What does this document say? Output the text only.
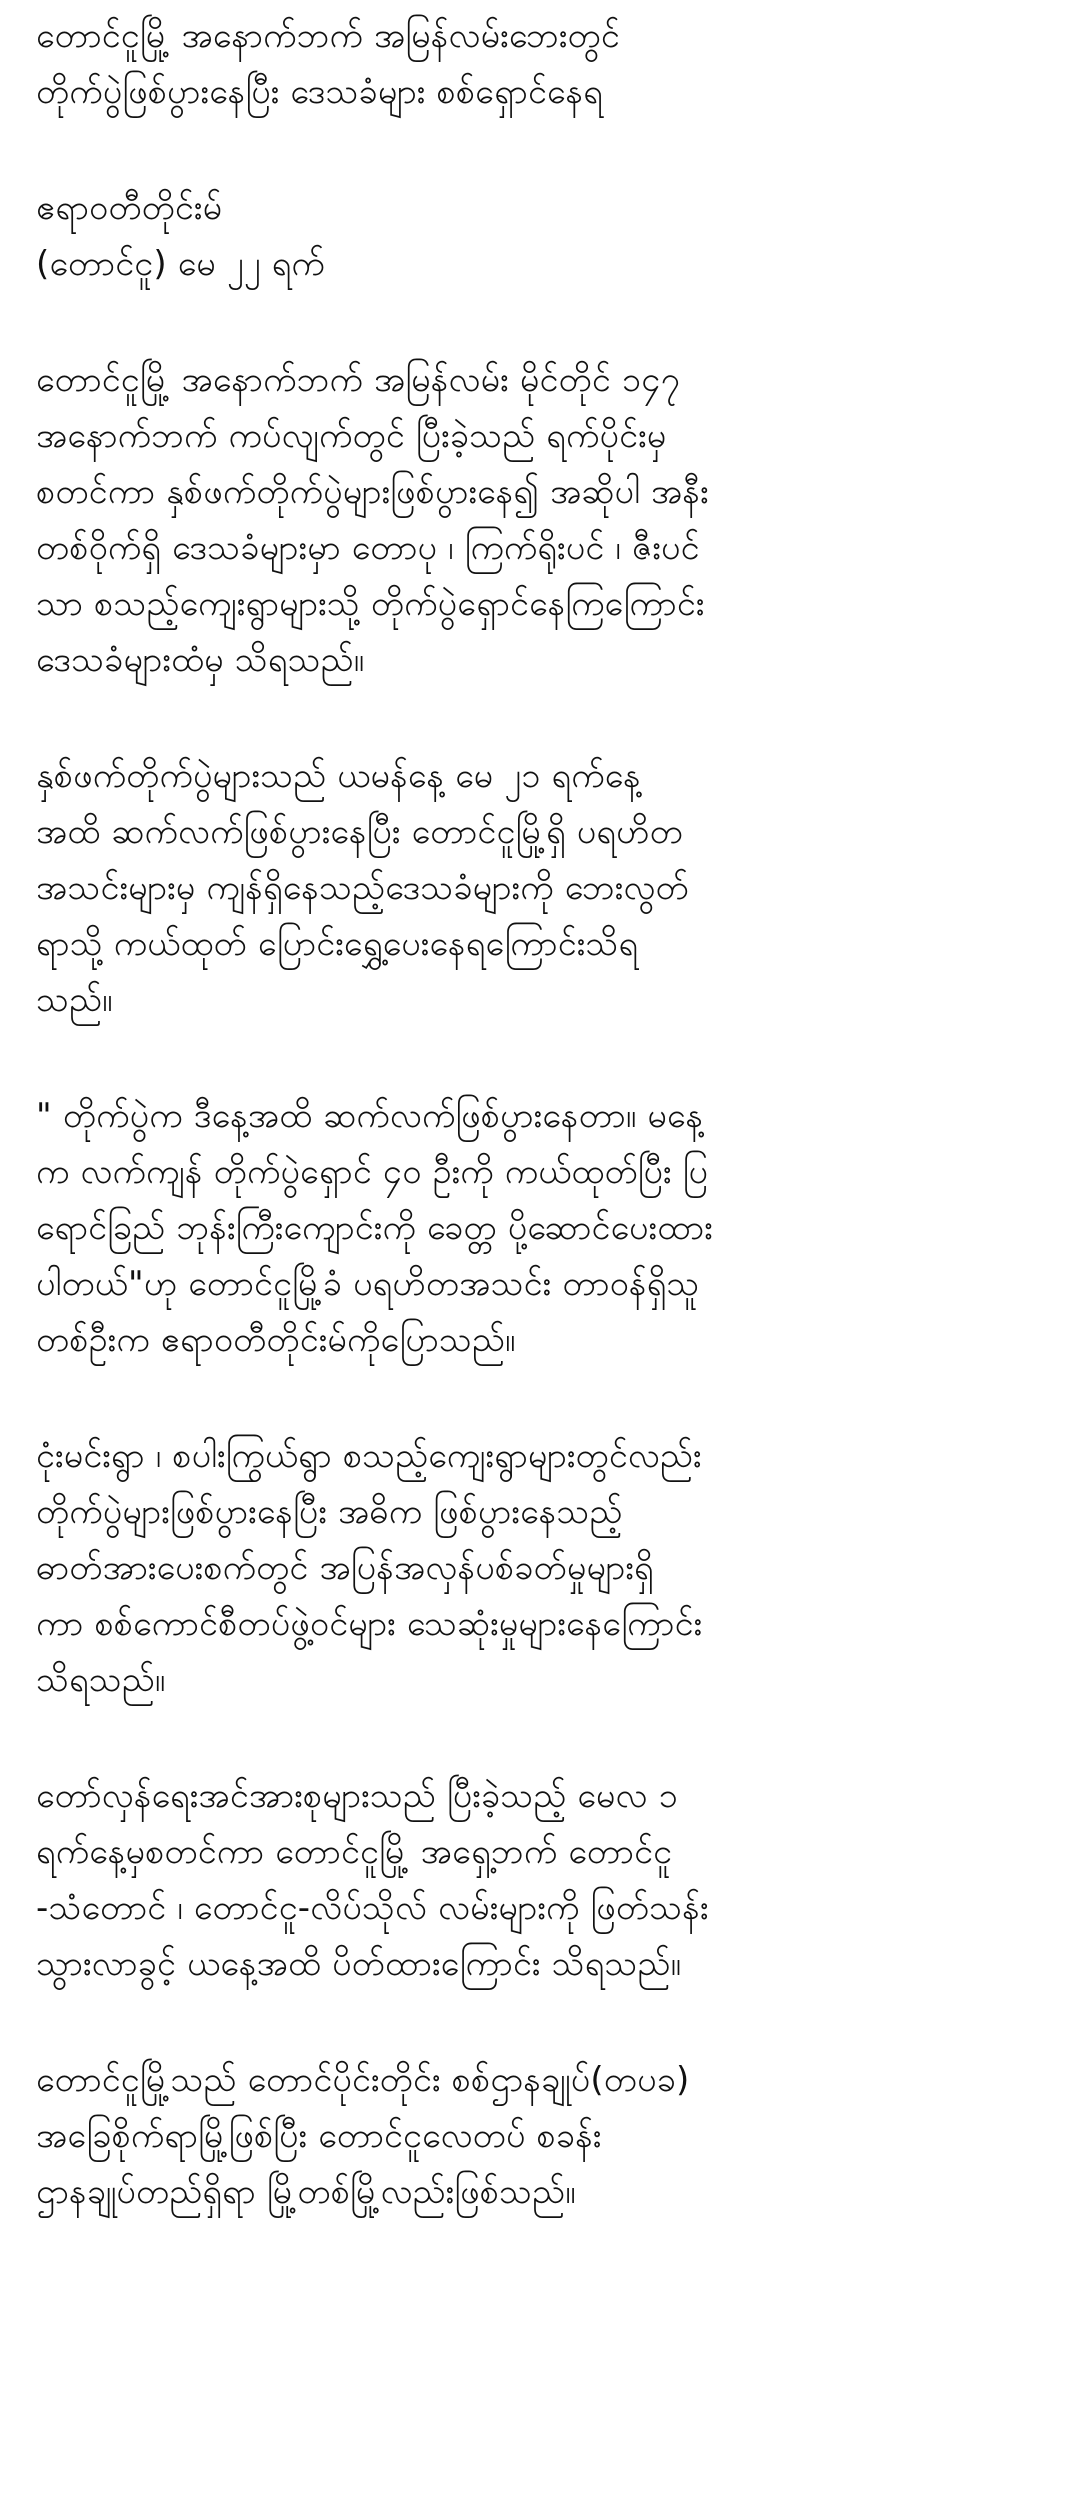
တောင်ငူမြို့ အနောက်ဘက် အမြန်လမ်းဘေးတွင်
တိုက်ပွဲဖြစ်ပွားနေပြီး ဒေသခံများ စစ်ရှောင်နေရ
ဧရာဝတီတိုင်းမ်
(တောင်ငူ) မေ ၂၂ ရက်
တောင်ငူမြို့ အနောက်ဘက် အမြန်လမ်း မိုင်တိုင် ၁၄၇
အနောက်ဘက် ကပ်လျက်တွင် ပြီးခဲ့သည် ရက်ပိုင်းမှ
စတင်ကာ နှစ်ဖက်တိုက်ပွဲများဖြစ်ပွားနေ၍ အဆိုပါ အနီး
တစ်ဝိုက်ရှိ ဒေသခံများမှာ တောပု ၊ ကြက်ရိုးပင် ၊ ဇီးပင်
သာ စသည့်ကျေးရွာများသို့ တိုက်ပွဲရှောင်နေကြကြောင်း
ဒေသခံများထံမှ သိရသည်။
နှစ်ဖက်တိုက်ပွဲများသည် ယမန်နေ့ မေ ၂၁ ရက်နေ့
အထိ ဆက်လက်ဖြစ်ပွားနေပြီး တောင်ငူမြို့ရှိ ပရဟိတ
အသင်းများမှ ကျန်ရှိနေသည့်ဒေသခံများကို ဘေးလွတ်
ရာသို့ ကယ်ထုတ် ပြောင်းရွှေ့ပေးနေရကြောင်းသိရ
သည်။
" တိုက်ပွဲက ဒီနေ့အထိ ဆက်လက်ဖြစ်ပွားနေတာ။ မနေ့
က လက်ကျန် တိုက်ပွဲရှောင် ၄၀ ဦးကို ကယ်ထုတ်ပြီး ပြ
ရောင်ခြည် ဘုန်းကြီးကျောင်းကို ခေတ္တ ပို့ဆောင်ပေးထား
ပါတယ်"ဟု တောင်ငူမြို့ခံ ပရဟိတအသင်း တာဝန်ရှိသူ
တစ်ဦးက ဧရာဝတီတိုင်းမ်ကိုပြောသည်။
ငုံးမင်းရွာ ၊ စပါးကြွယ်ရွာ စသည့်ကျေးရွာများတွင်လည်း
တိုက်ပွဲများဖြစ်ပွားနေပြီး အဓိက ဖြစ်ပွားနေသည့်
ဓာတ်အားပေးစက်တွင် အပြန်အလှန်ပစ်ခတ်မှုများရှိ
ကာ စစ်ကောင်စီတပ်ဖွဲ့ဝင်များ သေဆုံးမှုများနေကြောင်း
သိရသည်။
တော်လှန်ရေးအင်အားစုများသည် ပြီးခဲ့သည့် မေလ ၁
ရက်နေ့မှစတင်ကာ တောင်ငူမြို့ အရှေ့ဘက် တောင်ငူ
-သံတောင် ၊ တောင်ငူ-လိပ်သိုလ် လမ်းများကို ဖြတ်သန်း
သွားလာခွင့် ယနေ့အထိ ပိတ်ထားကြောင်း သိရသည်။
တောင်ငူမြို့သည် တောင်ပိုင်းတိုင်း စစ်ဌာနချုပ်(တပခ)
အခြေစိုက်ရာမြို့ဖြစ်ပြီး တောင်ငူလေတပ် စခန်း
ဌာနချုပ်တည်ရှိရာ မြို့တစ်မြို့လည်းဖြစ်သည်။
